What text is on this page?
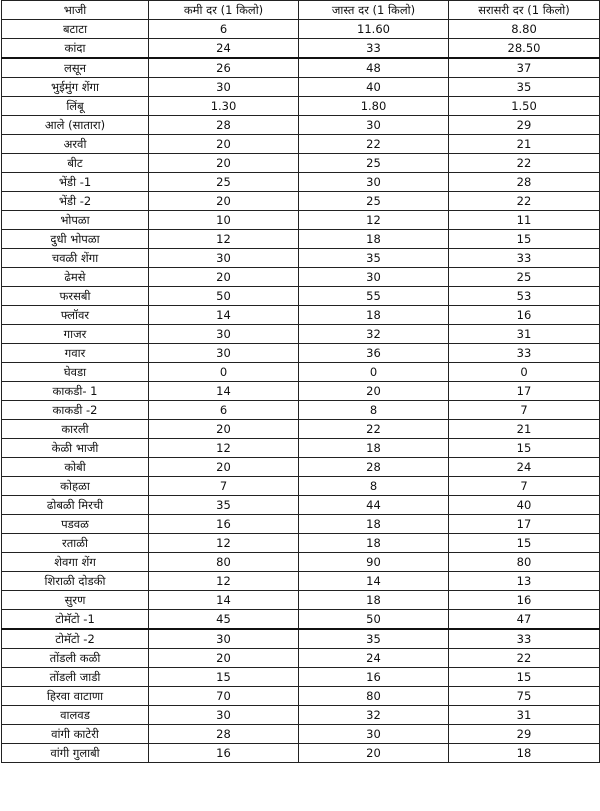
भाजी	कमी दर (1 किलो)	जास्त दर (1 किलो)	सरासरी दर (1 किलो)
बटाटा	6	11.60	8.80
कांदा	24	33	28.50
लसून	26	48	37
भुईमुंग शेंगा	30	40	35
लिंबू	1.30	1.80	1.50
आले (सातारा)	28	30	29
अरवी	20	22	21
बीट	20	25	22
भेंडी -1	25	30	28
भेंडी -2	20	25	22
भोपळा	10	12	11
दुधी भोपळा	12	18	15
चवळी शेंगा	30	35	33
ढेमसे	20	30	25
फरसबी	50	55	53
फ्लॉवर	14	18	16
गाजर	30	32	31
गवार	30	36	33
घेवडा	0	0	0
काकडी- 1	14	20	17
काकडी -2	6	8	7
कारली	20	22	21
केळी भाजी	12	18	15
कोबी	20	28	24
कोहळा	7	8	7
ढोबळी मिरची	35	44	40
पडवळ	16	18	17
रताळी	12	18	15
शेवगा शेंग	80	90	80
शिराळी दोडकी	12	14	13
सुरण	14	18	16
टोमॅटो -1	45	50	47
टोमॅटो -2	30	35	33
तोंडली कळी	20	24	22
तोंडली जाडी	15	16	15
हिरवा वाटाणा	70	80	75
वालवड	30	32	31
वांगी काटेरी	28	30	29
वांगी गुलाबी	16	20	18
